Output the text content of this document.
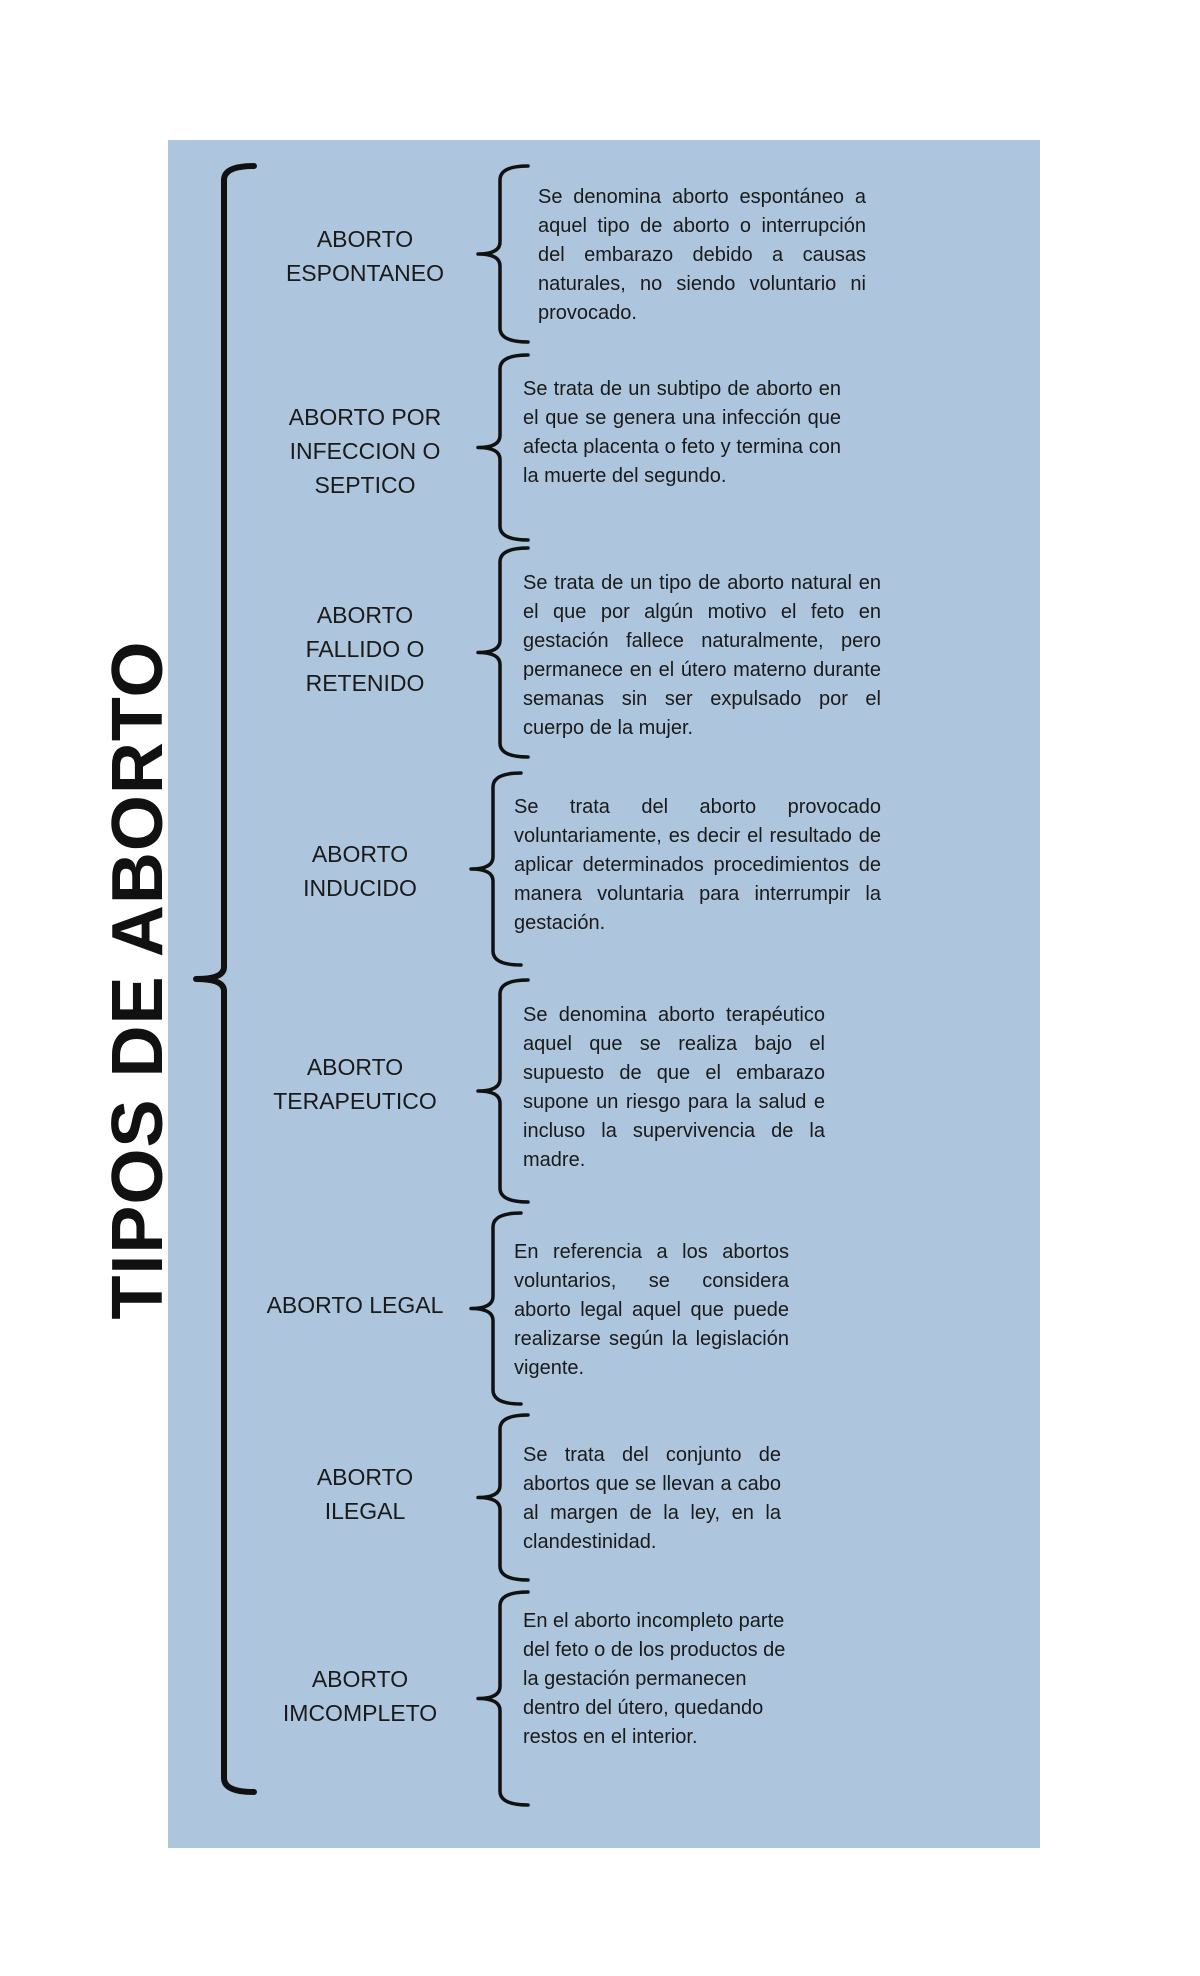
TIPOS DE ABORTO
ABORTO
ESPONTANEO
ABORTO POR
INFECCION O
SEPTICO
ABORTO
FALLIDO O
RETENIDO
ABORTO
INDUCIDO
ABORTO
TERAPEUTICO
ABORTO LEGAL
ABORTO
ILEGAL
ABORTO
IMCOMPLETO
Se denomina aborto espontáneo a aquel tipo de aborto o interrupción del embarazo debido a causas naturales, no siendo voluntario ni provocado.
Se trata de un subtipo de aborto en el que se genera una infección que afecta placenta o feto y termina con la muerte del segundo.
Se trata de un tipo de aborto natural en el que por algún motivo el feto en gestación fallece naturalmente, pero permanece en el útero materno durante semanas sin ser expulsado por el cuerpo de la mujer.
Se trata del aborto provocado voluntariamente, es decir el resultado de aplicar determinados procedimientos de manera voluntaria para interrumpir la gestación.
Se denomina aborto terapéutico aquel que se realiza bajo el supuesto de que el embarazo supone un riesgo para la salud e incluso la supervivencia de la madre.
En referencia a los abortos voluntarios, se considera aborto legal aquel que puede realizarse según la legislación vigente.
Se trata del conjunto de abortos que se llevan a cabo al margen de la ley, en la clandestinidad.
En el aborto incompleto parte del feto o de los productos de la gestación permanecen dentro del útero, quedando restos en el interior.
